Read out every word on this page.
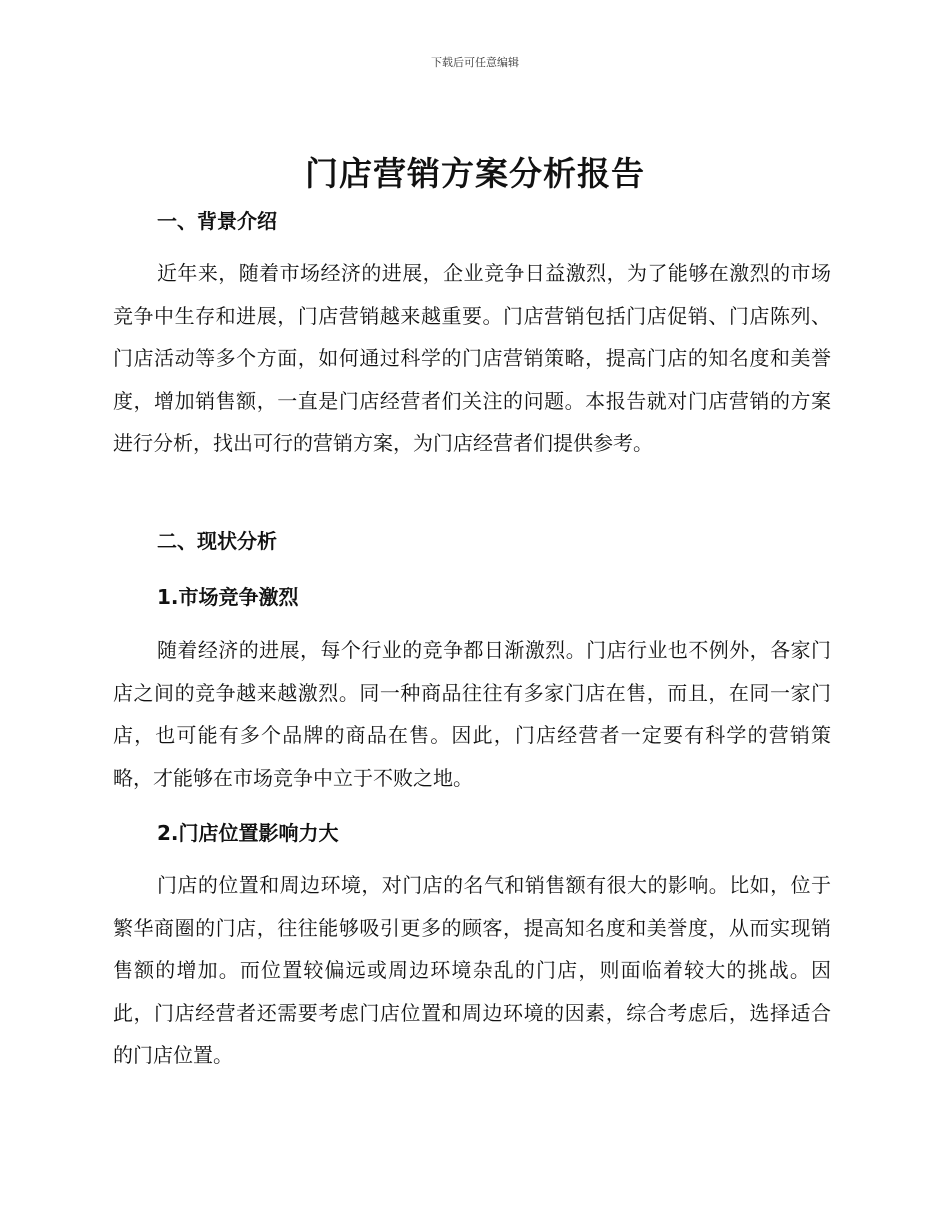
下载后可任意编辑
门店营销方案分析报告
一、背景介绍

近年来，随着市场经济的进展，企业竞争日益激烈，为了能够在激烈的市场竞争中生存和进展，门店营销越来越重要。门店营销包括门店促销、门店陈列、门店活动等多个方面，如何通过科学的门店营销策略，提高门店的知名度和美誉度，增加销售额，一直是门店经营者们关注的问题。本报告就对门店营销的方案进行分析，找出可行的营销方案，为门店经营者们提供参考。

二、现状分析
1.市场竞争激烈

随着经济的进展，每个行业的竞争都日渐激烈。门店行业也不例外，各家门店之间的竞争越来越激烈。同一种商品往往有多家门店在售，而且，在同一家门店，也可能有多个品牌的商品在售。因此，门店经营者一定要有科学的营销策略，才能够在市场竞争中立于不败之地。

2.门店位置影响力大

门店的位置和周边环境，对门店的名气和销售额有很大的影响。比如，位于繁华商圈的门店，往往能够吸引更多的顾客，提高知名度和美誉度，从而实现销售额的增加。而位置较偏远或周边环境杂乱的门店，则面临着较大的挑战。因此，门店经营者还需要考虑门店位置和周边环境的因素，综合考虑后，选择适合的门店位置。
